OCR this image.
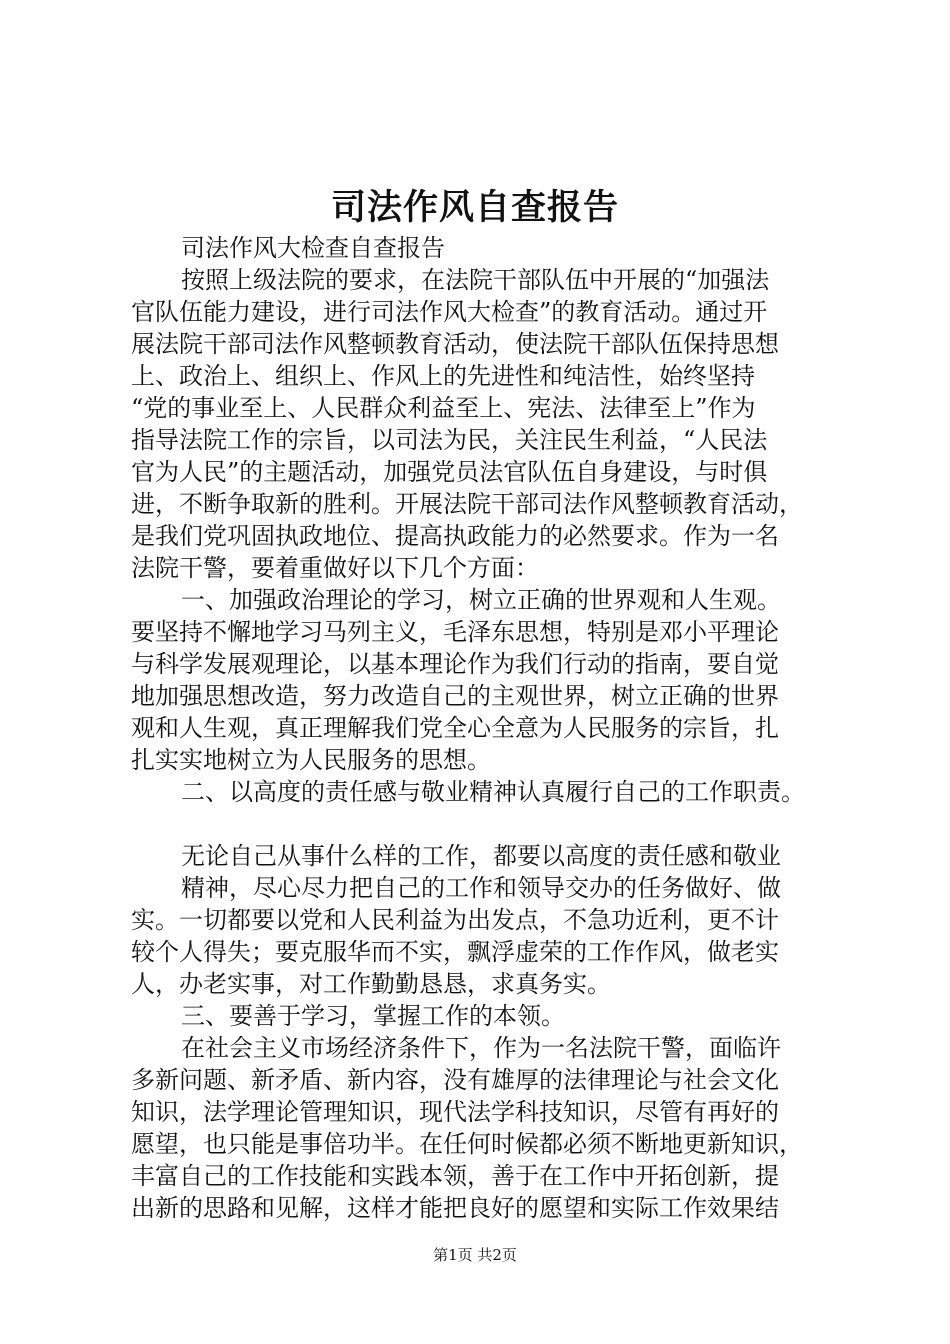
司法作风自查报告
司法作风大检查自查报告
按照上级法院的要求，在法院干部队伍中开展的“加强法
官队伍能力建设，进行司法作风大检查”的教育活动。通过开
展法院干部司法作风整顿教育活动，使法院干部队伍保持思想
上、政治上、组织上、作风上的先进性和纯洁性，始终坚持
“党的事业至上、人民群众利益至上、宪法、法律至上”作为
指导法院工作的宗旨，以司法为民，关注民生利益，“人民法
官为人民”的主题活动，加强党员法官队伍自身建设，与时俱
进，不断争取新的胜利。开展法院干部司法作风整顿教育活动，
是我们党巩固执政地位、提高执政能力的必然要求。作为一名
法院干警，要着重做好以下几个方面：
一、加强政治理论的学习，树立正确的世界观和人生观。
要坚持不懈地学习马列主义，毛泽东思想，特别是邓小平理论
与科学发展观理论，以基本理论作为我们行动的指南，要自觉
地加强思想改造，努力改造自己的主观世界，树立正确的世界
观和人生观，真正理解我们党全心全意为人民服务的宗旨，扎
扎实实地树立为人民服务的思想。
二、以高度的责任感与敬业精神认真履行自己的工作职责。
无论自己从事什么样的工作，都要以高度的责任感和敬业
精神，尽心尽力把自己的工作和领导交办的任务做好、做
实。一切都要以党和人民利益为出发点，不急功近利，更不计
较个人得失；要克服华而不实，飘浮虚荣的工作作风，做老实
人，办老实事，对工作勤勤恳恳，求真务实。
三、要善于学习，掌握工作的本领。
在社会主义市场经济条件下，作为一名法院干警，面临许
多新问题、新矛盾、新内容，没有雄厚的法律理论与社会文化
知识，法学理论管理知识，现代法学科技知识，尽管有再好的
愿望，也只能是事倍功半。在任何时候都必须不断地更新知识，
丰富自己的工作技能和实践本领，善于在工作中开拓创新，提
出新的思路和见解，这样才能把良好的愿望和实际工作效果结
第1页 共2页
